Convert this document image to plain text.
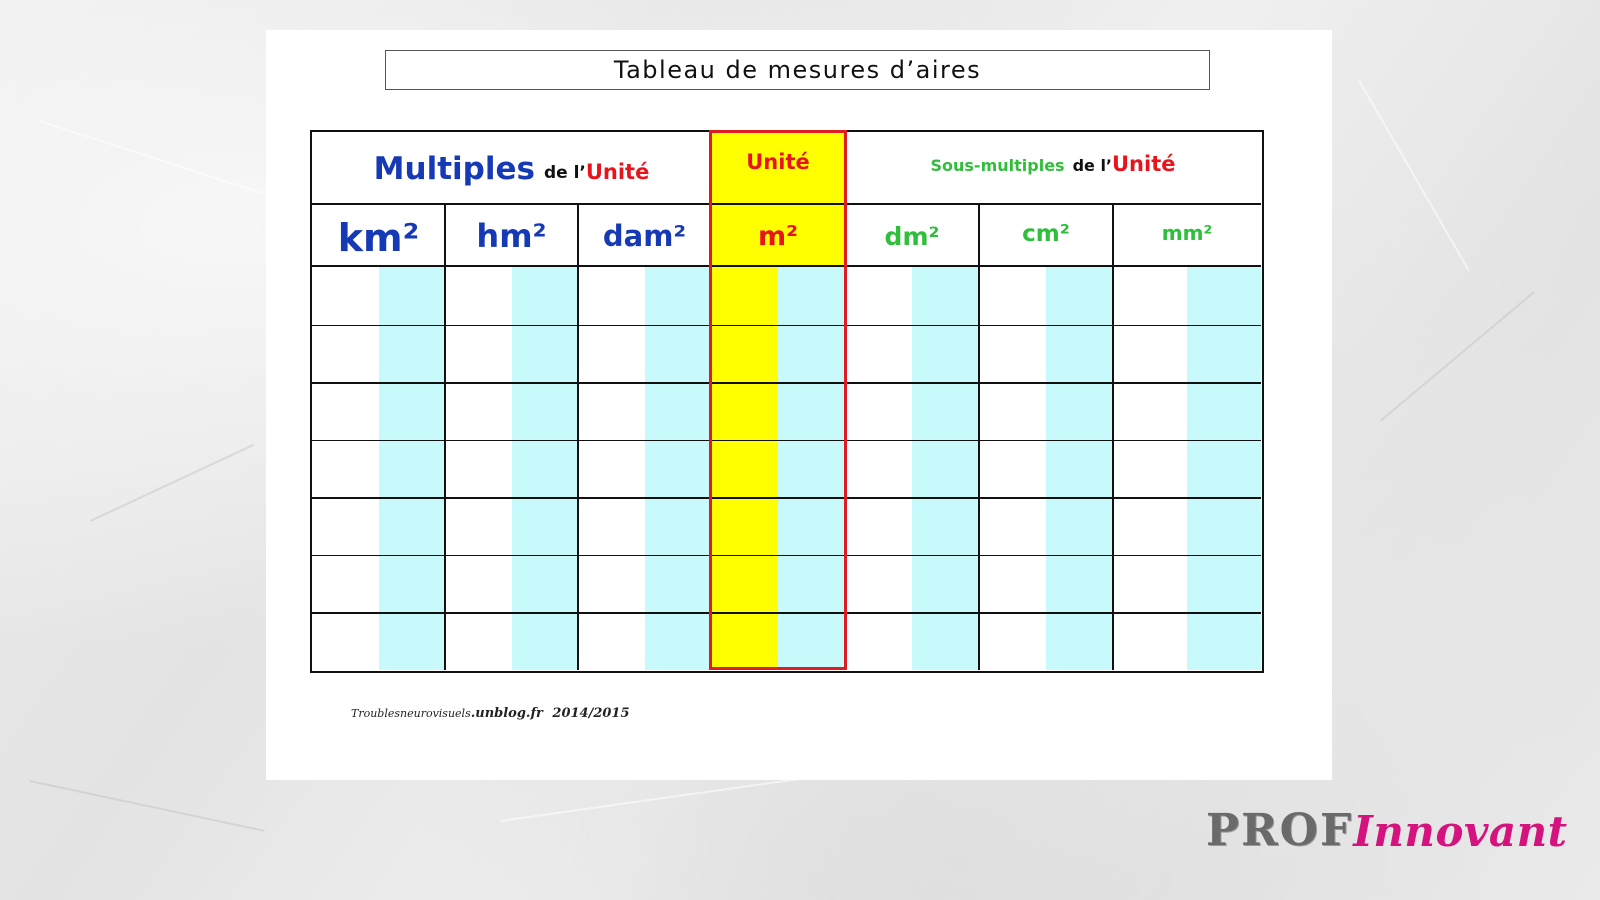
Tableau de mesures d’aires
Multiples de l’ Unité	Unité	Sous-multiples de l’ Unité
km²	hm²	dam²	m²	dm²	cm²	mm²
Troublesneurovisuels.unblog.fr 2014/2015
PROF Innovant
